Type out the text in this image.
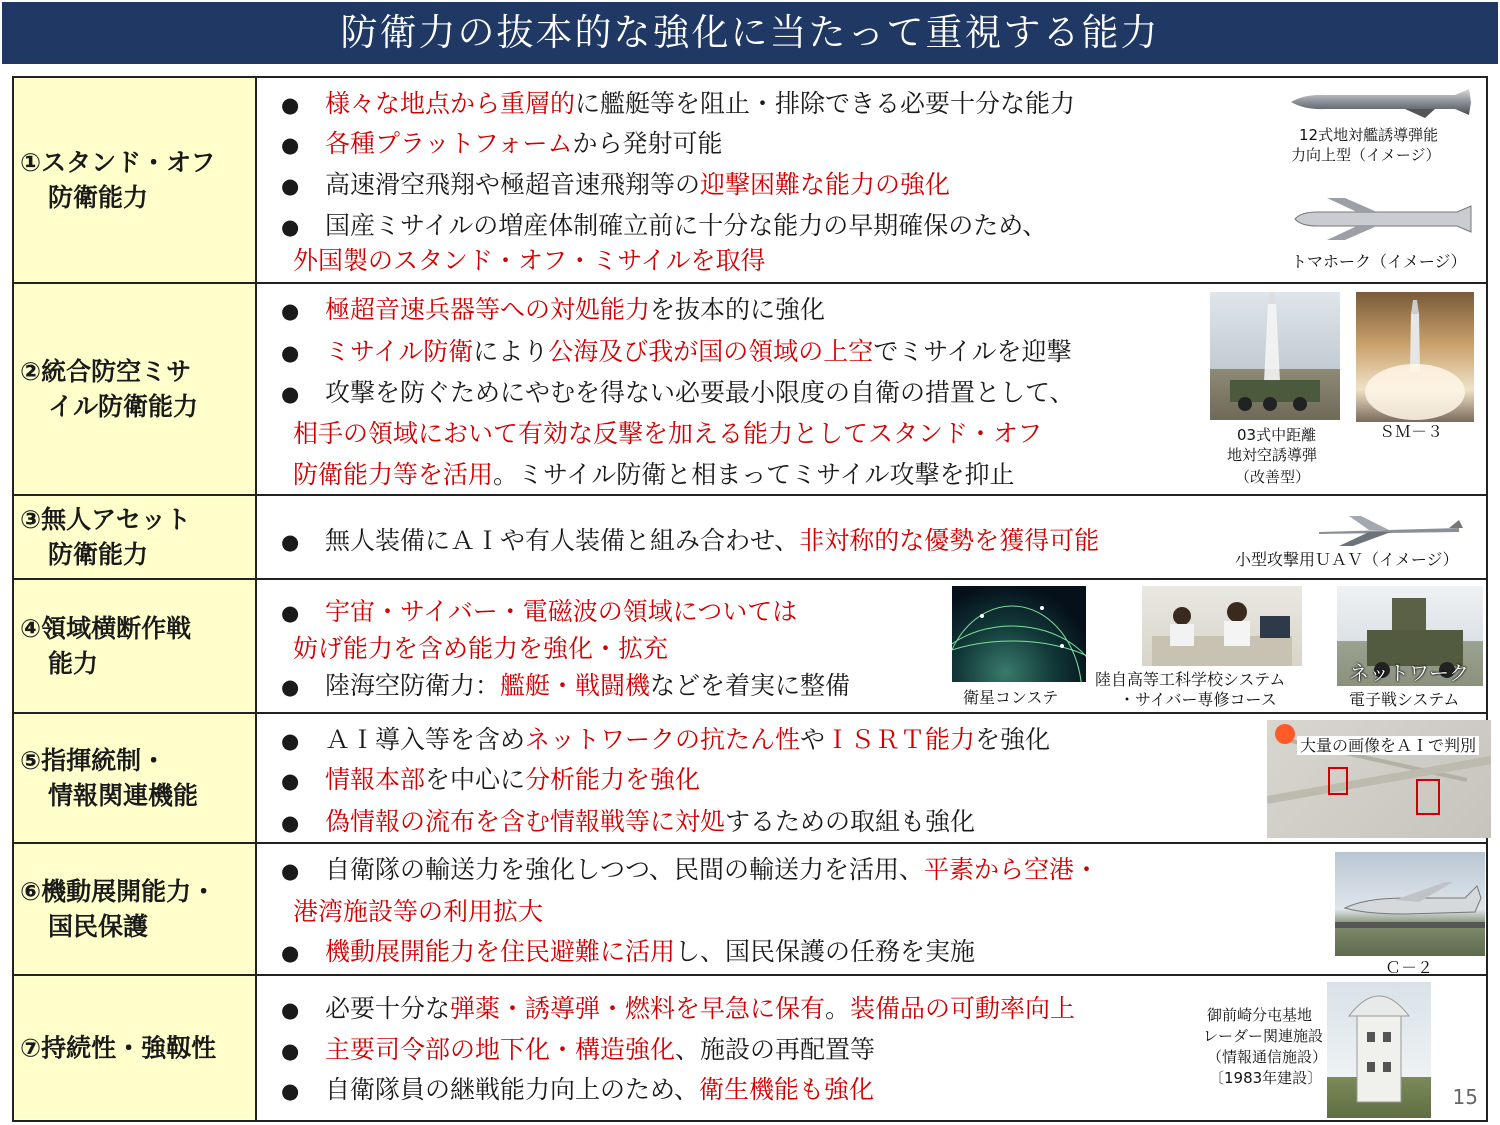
防衛力の抜本的な強化に当たって重視する能力
①スタンド・オフ
防衛能力
12式地対艦誘導弾能
力向上型（イメージ）
トマホーク（イメージ）
● 様々な地点から重層的に艦艇等を阻止・排除できる必要十分な能力
● 各種プラットフォームから発射可能
● 高速滑空飛翔や極超音速飛翔等の迎撃困難な能力の強化
● 国産ミサイルの増産体制確立前に十分な能力の早期確保のため、
外国製のスタンド・オフ・ミサイルを取得
②統合防空ミサ
イル防衛能力
03式中距離
地対空誘導弾
（改善型）
ＳＭ－３
● 極超音速兵器等への対処能力を抜本的に強化
● ミサイル防衛により公海及び我が国の領域の上空でミサイルを迎撃
● 攻撃を防ぐためにやむを得ない必要最小限度の自衛の措置として、
相手の領域において有効な反撃を加える能力としてスタンド・オフ
防衛能力等を活用。ミサイル防衛と相まってミサイル攻撃を抑止
③無人アセット
防衛能力	小型攻撃用ＵＡＶ（イメージ）
● 無人装備にＡＩや有人装備と組み合わせ、非対称的な優勢を獲得可能
④領域横断作戦
能力
衛星コンステ
陸自高等工科学校システム
・サイバー専修コース
ネットワーク
電子戦システム
● 宇宙・サイバー・電磁波の領域については
妨げ能力を含め能力を強化・拡充
● 陸海空防衛力：艦艇・戦闘機などを着実に整備
⑤指揮統制・
情報関連機能
大量の画像をＡＩで判別
● ＡＩ導入等を含めネットワークの抗たん性やＩＳＲＴ能力を強化
● 情報本部を中心に分析能力を強化
● 偽情報の流布を含む情報戦等に対処するための取組も強化
⑥機動展開能力・
国民保護
Ｃ－２
● 自衛隊の輸送力を強化しつつ、民間の輸送力を活用、平素から空港・
港湾施設等の利用拡大
● 機動展開能力を住民避難に活用し、国民保護の任務を実施
⑦持続性・強靱性
御前崎分屯基地
レーダー関連施設
（情報通信施設）
〔1983年建設〕
● 必要十分な弾薬・誘導弾・燃料を早急に保有。装備品の可動率向上
● 主要司令部の地下化・構造強化、施設の再配置等
● 自衛隊員の継戦能力向上のため、衛生機能も強化	15
